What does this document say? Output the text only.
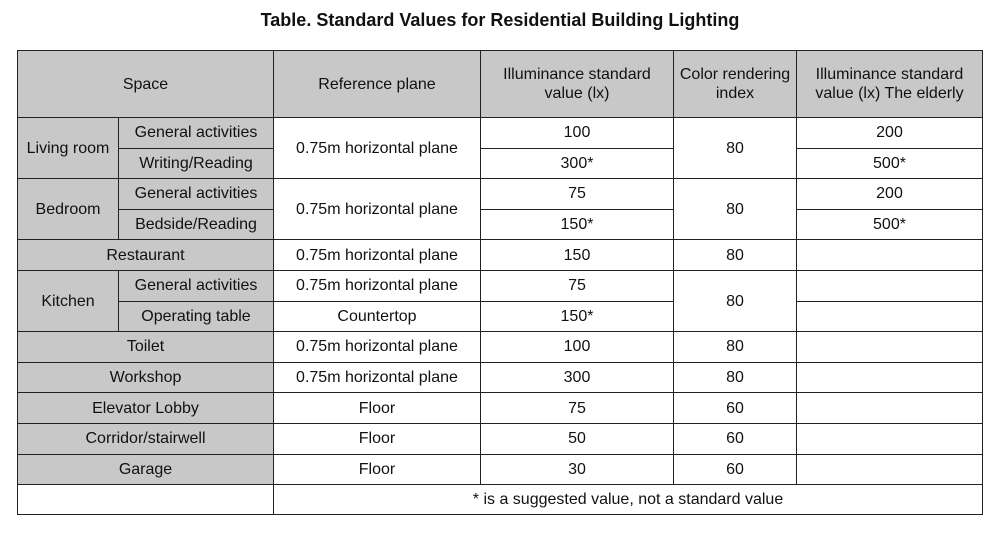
Table. Standard Values for Residential Building Lighting
Space		Reference plane	Illuminance standard value (lx)	Color rendering index	Illuminance standard value (lx) The elderly
Living room	General activities	0.75m horizontal plane	100	80	200
	Writing/Reading		300*		500*
Bedroom	General activities	0.75m horizontal plane	75	80	200
	Bedside/Reading		150*		500*
Restaurant		0.75m horizontal plane	150	80	
Kitchen	General activities	0.75m horizontal plane	75	80	
	Operating table	Countertop	150*		
Toilet		0.75m horizontal plane	100	80	
Workshop		0.75m horizontal plane	300	80	
Elevator Lobby		Floor	75	60	
Corridor/stairwell		Floor	50	60	
Garage		Floor	30	60	
		* is a suggested value, not a standard value			
